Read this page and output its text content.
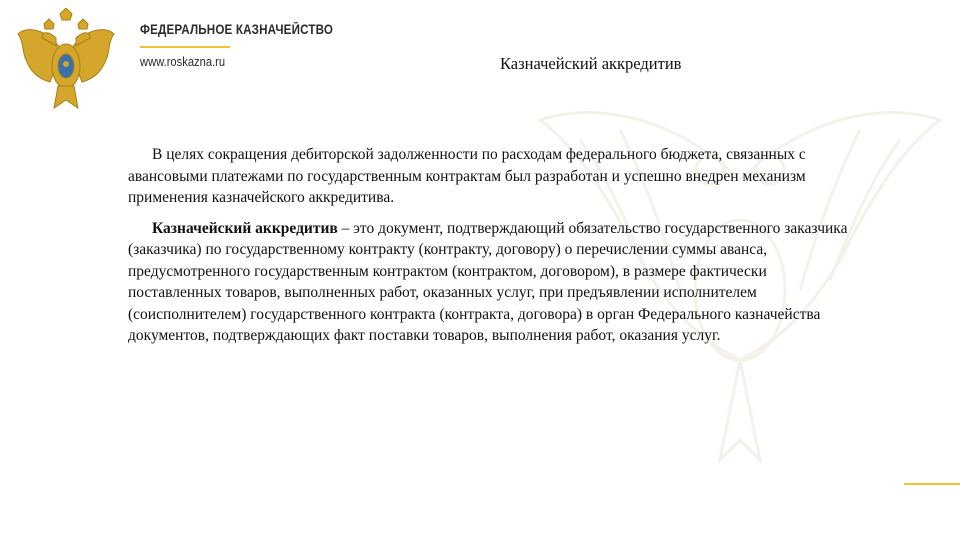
ФЕДЕРАЛЬНОЕ КАЗНАЧЕЙСТВО
www.roskazna.ru	Казначейский аккредитив

В целях сокращения дебиторской задолженности по расходам федерального бюджета, связанных с авансовыми платежами по государственным контрактам был разработан и успешно внедрен механизм применения казначейского аккредитива.

Казначейский аккредитив – это документ, подтверждающий обязательство государственного заказчика (заказчика) по государственному контракту (контракту, договору) о перечислении суммы аванса, предусмотренного государственным контрактом (контрактом, договором), в размере фактически поставленных товаров, выполненных работ, оказанных услуг, при предъявлении исполнителем (соисполнителем) государственного контракта (контракта, договора) в орган Федерального казначейства документов, подтверждающих факт поставки товаров, выполнения работ, оказания услуг.
